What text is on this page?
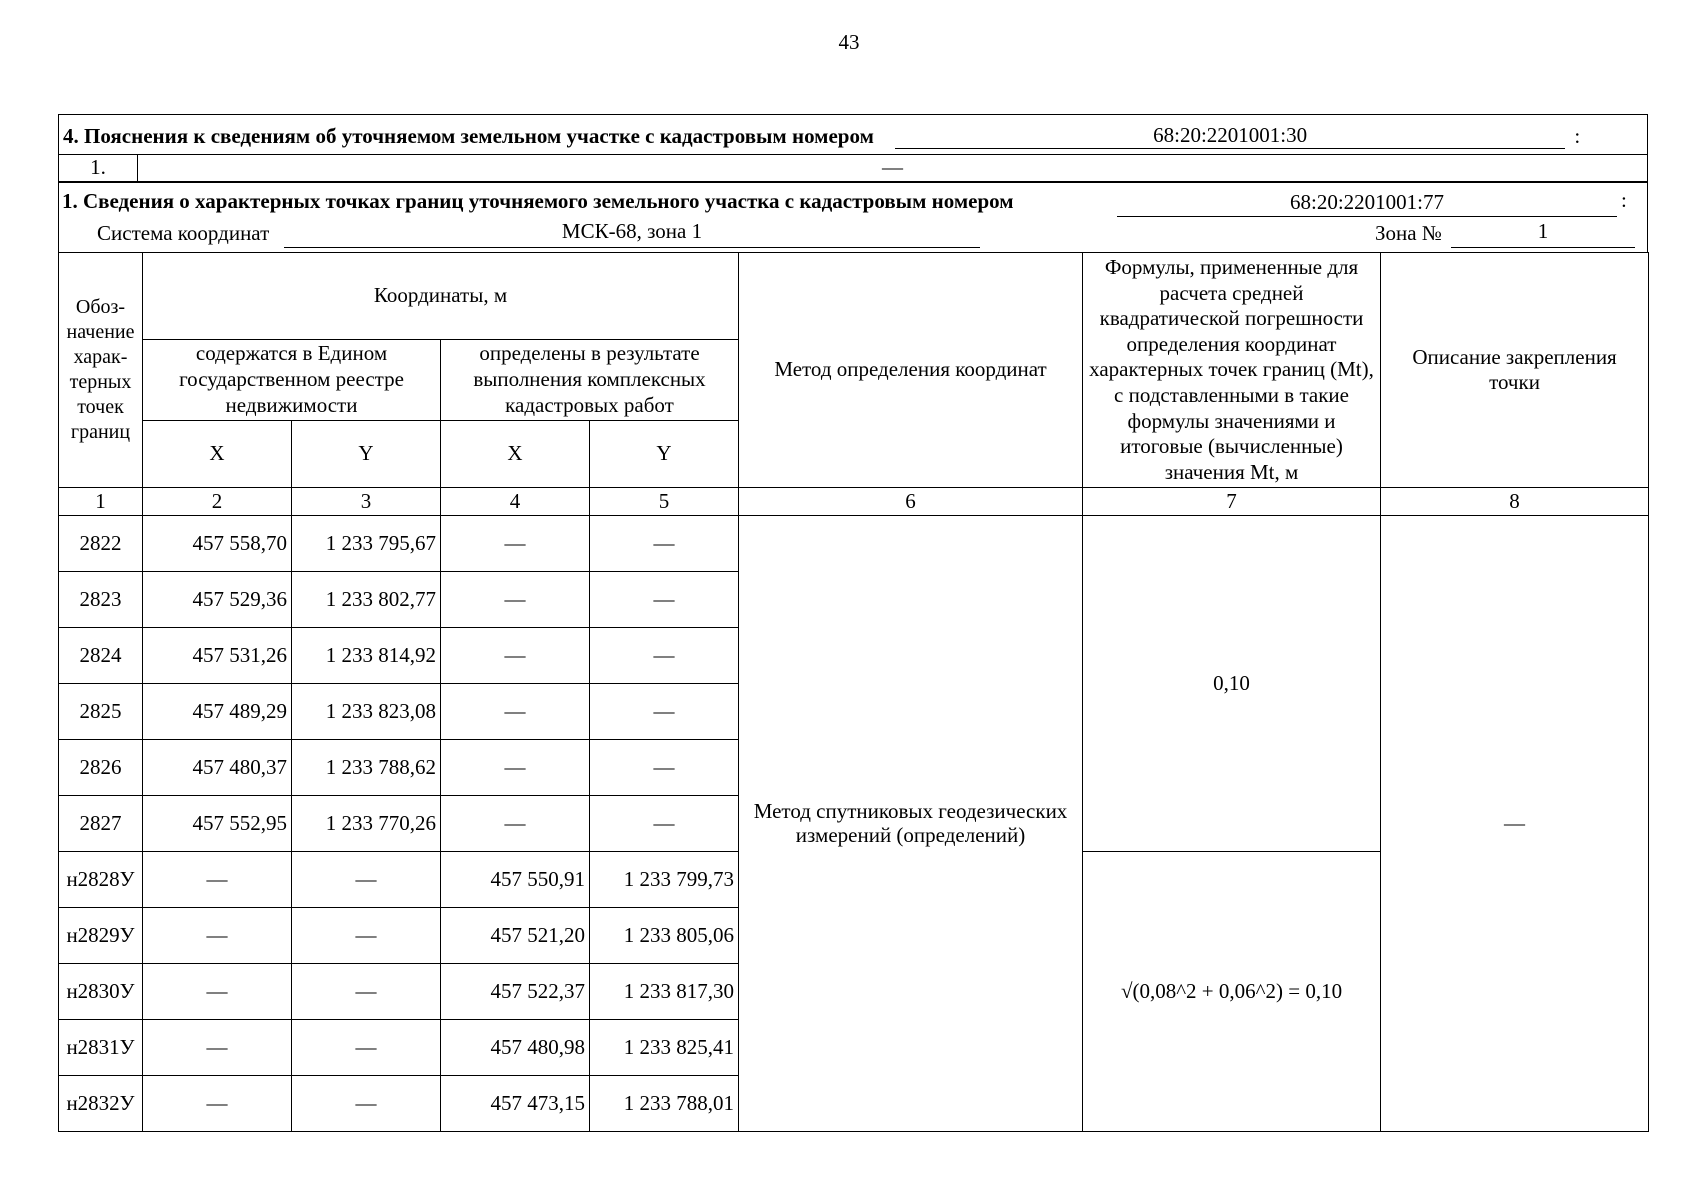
43
4. Пояснения к сведениям об уточняемом земельном участке с кадастровым номером	68:20:2201001:30	:
1.	—
1. Сведения о характерных точках границ уточняемого земельного участка с кадастровым номером	68:20:2201001:77	:
Система координат	МСК-68, зона 1	Зона №	1
Обоз-начение харак-терных точек границ	Координаты, м				Метод определения координат	Формулы, примененные для расчета средней квадратической погрешности определения координат характерных точек границ (Mt), с подставленными в такие формулы значениями и итоговые (вычисленные) значения Mt, м	Описание закрепления точки
	содержатся в Едином государственном реестре недвижимости		определены в результате выполнения комплексных кадастровых работ				
	X	Y	X	Y			
1	2	3	4	5	6	7	8
2822	457 558,70	1 233 795,67	—	—	Метод спутниковых геодезических измерений (определений)	0,10	—
2823	457 529,36	1 233 802,77	—	—			
2824	457 531,26	1 233 814,92	—	—			
2825	457 489,29	1 233 823,08	—	—			
2826	457 480,37	1 233 788,62	—	—			
2827	457 552,95	1 233 770,26	—	—			
н2828У	—	—	457 550,91	1 233 799,73		√(0,08^2 + 0,06^2) = 0,10	
н2829У	—	—	457 521,20	1 233 805,06			
н2830У	—	—	457 522,37	1 233 817,30			
н2831У	—	—	457 480,98	1 233 825,41			
н2832У	—	—	457 473,15	1 233 788,01			
